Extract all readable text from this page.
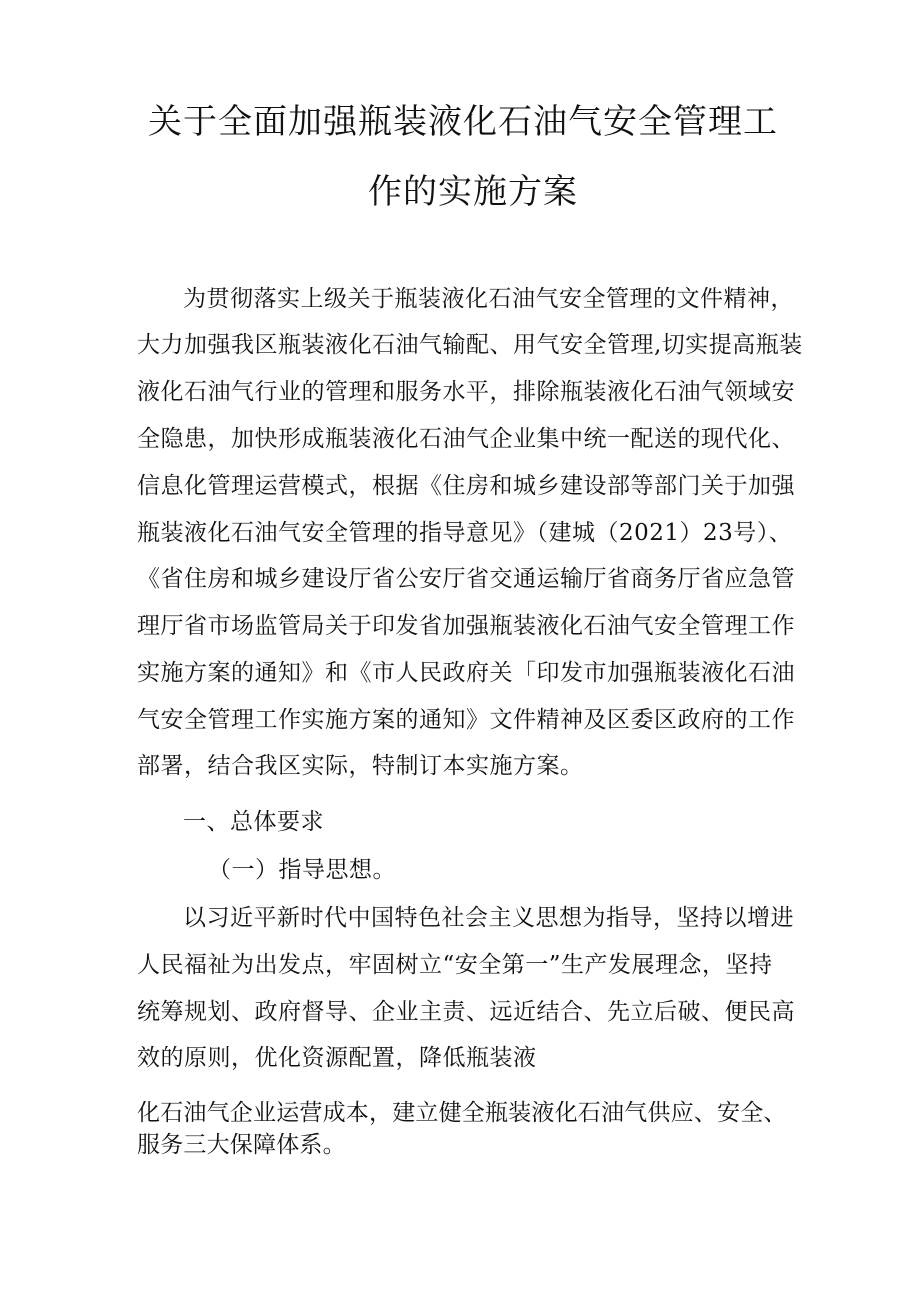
关于全面加强瓶装液化石油气安全管理工
作的实施方案
为贯彻落实上级关于瓶装液化石油气安全管理的文件精神，
大力加强我区瓶装液化石油气输配、用气安全管理,切实提高瓶装
液化石油气行业的管理和服务水平，排除瓶装液化石油气领域安
全隐患，加快形成瓶装液化石油气企业集中统一配送的现代化、
信息化管理运营模式，根据《住房和城乡建设部等部门关于加强
瓶装液化石油气安全管理的指导意见》（建城（2021）23号）、
《省住房和城乡建设厅省公安厅省交通运输厅省商务厅省应急管
理厅省市场监管局关于印发省加强瓶装液化石油气安全管理工作
实施方案的通知》和《市人民政府关「印发市加强瓶装液化石油
气安全管理工作实施方案的通知》文件精神及区委区政府的工作
部署，结合我区实际，特制订本实施方案。
一、总体要求
（一）指导思想。
以习近平新时代中国特色社会主义思想为指导，坚持以增进
人民福祉为出发点，牢固树立“安全第一”生产发展理念，坚持
统筹规划、政府督导、企业主责、远近结合、先立后破、便民高
效的原则，优化资源配置，降低瓶装液
化石油气企业运营成本，建立健全瓶装液化石油气供应、安全、
服务三大保障体系。
